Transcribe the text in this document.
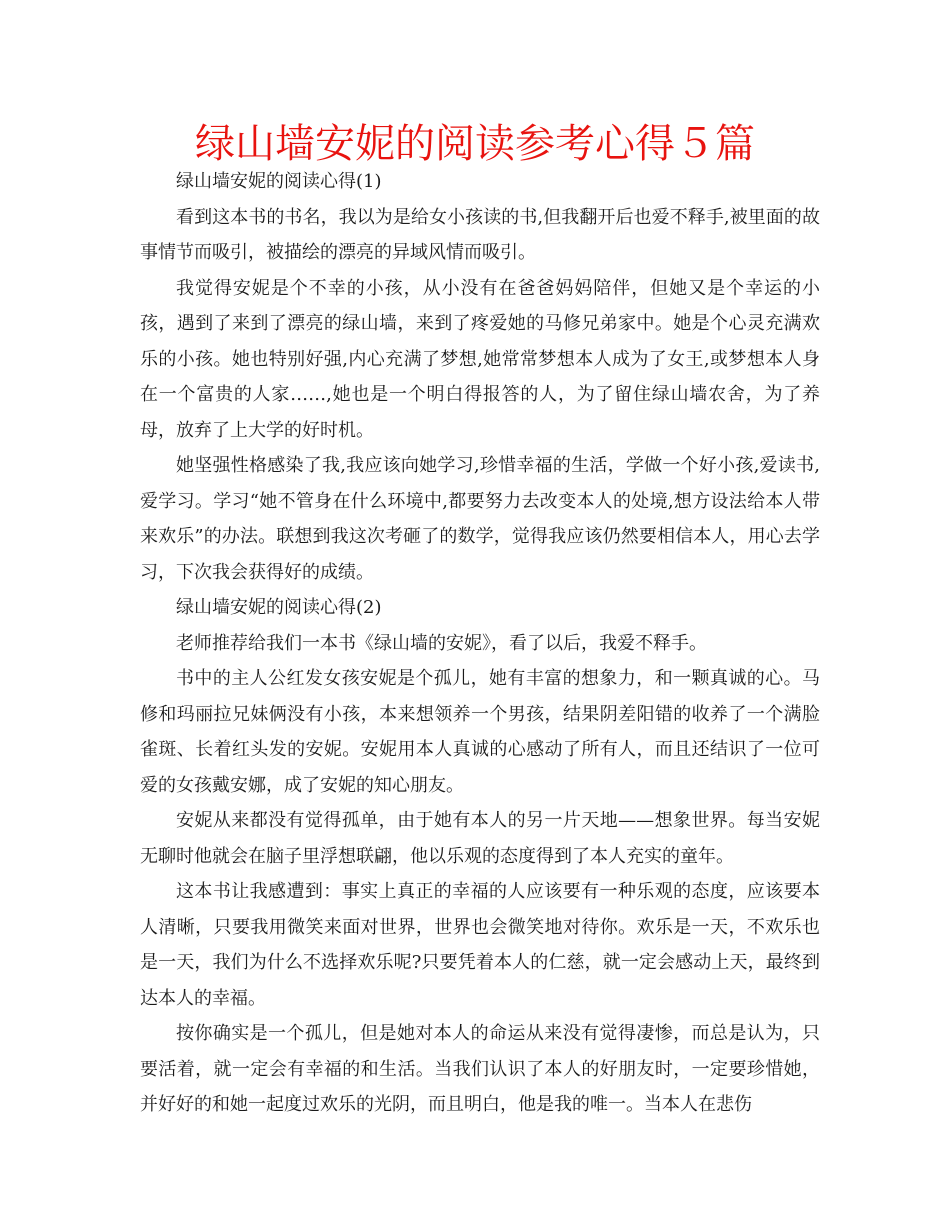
绿山墙安妮的阅读参考心得５篇

绿山墙安妮的阅读心得(1)

看到这本书的书名，我以为是给女小孩读的书,但我翻开后也爱不释手,被里面的故事情节而吸引，被描绘的漂亮的异域风情而吸引。

我觉得安妮是个不幸的小孩，从小没有在爸爸妈妈陪伴，但她又是个幸运的小孩，遇到了来到了漂亮的绿山墙，来到了疼爱她的马修兄弟家中。她是个心灵充满欢乐的小孩。她也特别好强,内心充满了梦想,她常常梦想本人成为了女王,或梦想本人身在一个富贵的人家……,她也是一个明白得报答的人，为了留住绿山墙农舍，为了养母，放弃了上大学的好时机。

她坚强性格感染了我,我应该向她学习,珍惜幸福的生活，学做一个好小孩,爱读书,爱学习。学习“她不管身在什么环境中,都要努力去改变本人的处境,想方设法给本人带来欢乐”的办法。联想到我这次考砸了的数学，觉得我应该仍然要相信本人，用心去学习，下次我会获得好的成绩。

绿山墙安妮的阅读心得(2)

老师推荐给我们一本书《绿山墙的安妮》，看了以后，我爱不释手。

书中的主人公红发女孩安妮是个孤儿，她有丰富的想象力，和一颗真诚的心。马修和玛丽拉兄妹俩没有小孩，本来想领养一个男孩，结果阴差阳错的收养了一个满脸雀斑、长着红头发的安妮。安妮用本人真诚的心感动了所有人，而且还结识了一位可爱的女孩戴安娜，成了安妮的知心朋友。

安妮从来都没有觉得孤单，由于她有本人的另一片天地——想象世界。每当安妮无聊时他就会在脑子里浮想联翩，他以乐观的态度得到了本人充实的童年。

这本书让我感遭到：事实上真正的幸福的人应该要有一种乐观的态度，应该要本人清晰，只要我用微笑来面对世界，世界也会微笑地对待你。欢乐是一天，不欢乐也是一天，我们为什么不选择欢乐呢?只要凭着本人的仁慈，就一定会感动上天，最终到达本人的幸福。

按你确实是一个孤儿，但是她对本人的命运从来没有觉得凄惨，而总是认为，只要活着，就一定会有幸福的和生活。当我们认识了本人的好朋友时，一定要珍惜她，并好好的和她一起度过欢乐的光阴，而且明白，他是我的唯一。当本人在悲伤
